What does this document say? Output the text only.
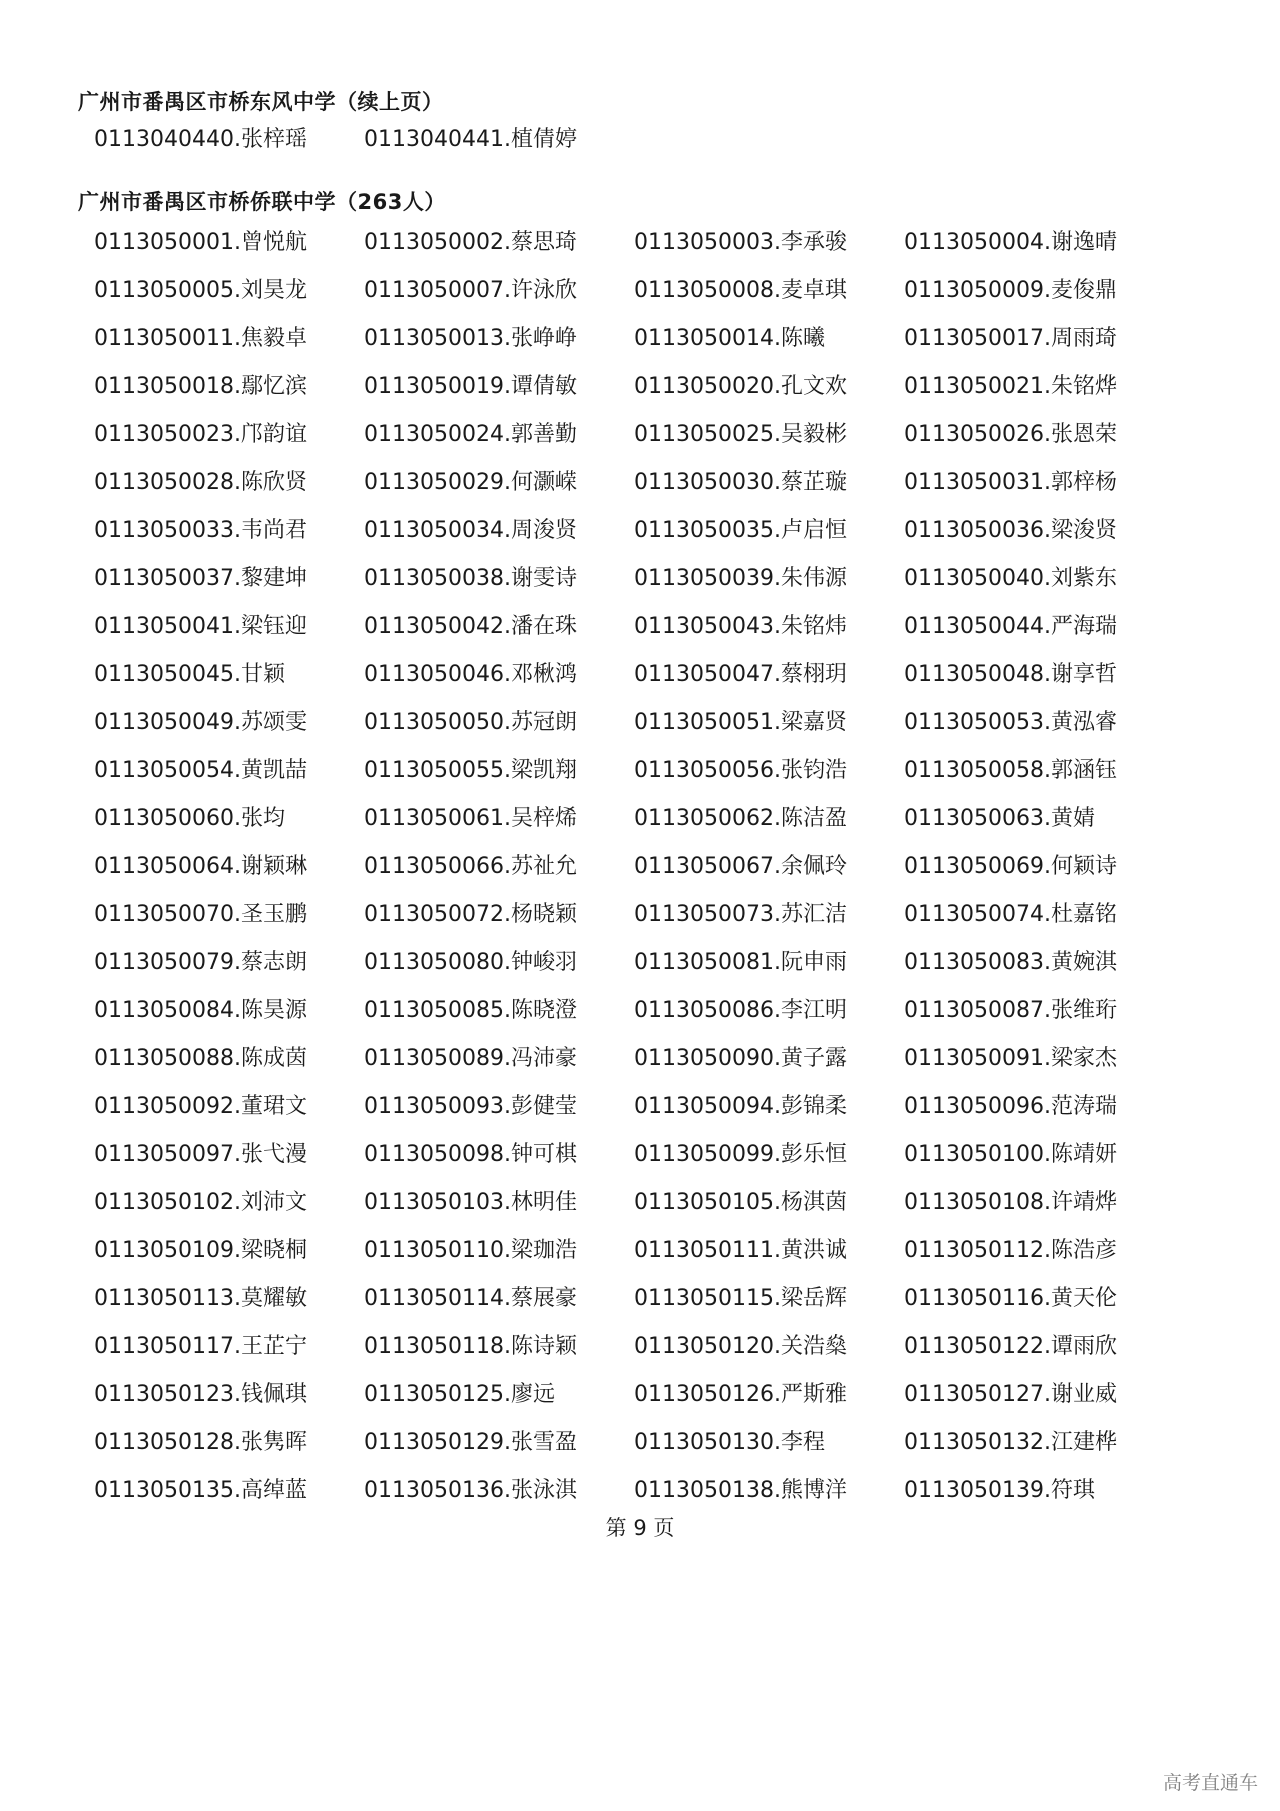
广州市番禺区市桥东风中学（续上页）
0113040440.张梓瑶	0113040441.植倩婷
广州市番禺区市桥侨联中学（263人）
0113050001.曾悦航	0113050002.蔡思琦	0113050003.李承骏	0113050004.谢逸晴
0113050005.刘昊龙	0113050007.许泳欣	0113050008.麦卓琪	0113050009.麦俊鼎
0113050011.焦毅卓	0113050013.张峥峥	0113050014.陈曦	0113050017.周雨琦
0113050018.鄢忆滨	0113050019.谭倩敏	0113050020.孔文欢	0113050021.朱铭烨
0113050023.邝韵谊	0113050024.郭善勤	0113050025.吴毅彬	0113050026.张恩荣
0113050028.陈欣贤	0113050029.何灏嵘	0113050030.蔡芷璇	0113050031.郭梓杨
0113050033.韦尚君	0113050034.周浚贤	0113050035.卢启恒	0113050036.梁浚贤
0113050037.黎建坤	0113050038.谢雯诗	0113050039.朱伟源	0113050040.刘紫东
0113050041.梁钰迎	0113050042.潘在珠	0113050043.朱铭炜	0113050044.严海瑞
0113050045.甘颖	0113050046.邓楸鸿	0113050047.蔡栩玥	0113050048.谢享哲
0113050049.苏颂雯	0113050050.苏冠朗	0113050051.梁嘉贤	0113050053.黄泓睿
0113050054.黄凯喆	0113050055.梁凯翔	0113050056.张钧浩	0113050058.郭涵钰
0113050060.张均	0113050061.吴梓烯	0113050062.陈洁盈	0113050063.黄婧
0113050064.谢颖琳	0113050066.苏祉允	0113050067.余佩玲	0113050069.何颖诗
0113050070.圣玉鹏	0113050072.杨晓颖	0113050073.苏汇洁	0113050074.杜嘉铭
0113050079.蔡志朗	0113050080.钟峻羽	0113050081.阮申雨	0113050083.黄婉淇
0113050084.陈昊源	0113050085.陈晓澄	0113050086.李江明	0113050087.张维珩
0113050088.陈成茵	0113050089.冯沛豪	0113050090.黄子露	0113050091.梁家杰
0113050092.董珺文	0113050093.彭健莹	0113050094.彭锦柔	0113050096.范涛瑞
0113050097.张弋漫	0113050098.钟可棋	0113050099.彭乐恒	0113050100.陈靖妍
0113050102.刘沛文	0113050103.林明佳	0113050105.杨淇茵	0113050108.许靖烨
0113050109.梁晓桐	0113050110.梁珈浩	0113050111.黄洪诚	0113050112.陈浩彦
0113050113.莫耀敏	0113050114.蔡展豪	0113050115.梁岳辉	0113050116.黄天伦
0113050117.王芷宁	0113050118.陈诗颖	0113050120.关浩燊	0113050122.谭雨欣
0113050123.钱佩琪	0113050125.廖远	0113050126.严斯雅	0113050127.谢业威
0113050128.张隽晖	0113050129.张雪盈	0113050130.李程	0113050132.江建桦
0113050135.高绰蓝	0113050136.张泳淇	0113050138.熊博洋	0113050139.符琪
第 9 页
高考直通车
